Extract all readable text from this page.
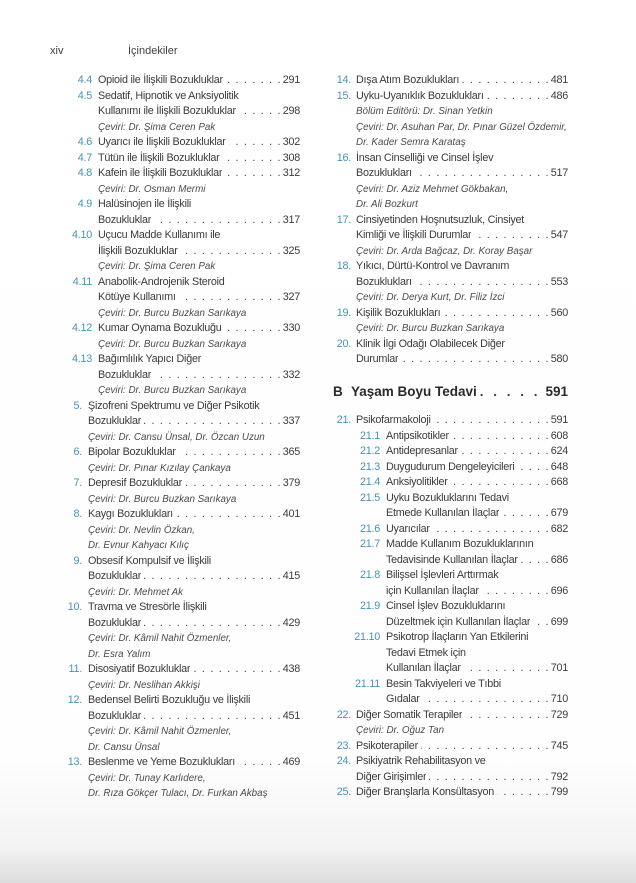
xiv	İçindekiler
4.4 Opioid ile İlişkili Bozukluklar . . .	291
4.5 Sedatif, Hipnotik ve Anksiyolitik
Kullanımı ile İlişkili Bozukluklar . . .	298
Çeviri: Dr. Şima Ceren Pak
4.6 Uyarıcı ile İlişkili Bozukluklar . . .	302
4.7 Tütün ile İlişkili Bozukluklar . . .	308
4.8 Kafein ile İlişkili Bozukluklar . . .	312
Çeviri: Dr. Osman Mermi
4.9 Halüsinojen ile İlişkili
Bozukluklar . . .	317
4.10 Uçucu Madde Kullanımı ile
İlişkili Bozukluklar . . .	325
Çeviri: Dr. Şima Ceren Pak
4.11 Anabolik-Androjenik Steroid
Kötüye Kullanımı . . .	327
Çeviri: Dr. Burcu Buzkan Sarıkaya
4.12 Kumar Oynama Bozukluğu . . .	330
Çeviri: Dr. Burcu Buzkan Sarıkaya
4.13 Bağımlılık Yapıcı Diğer
Bozukluklar . . .	332
Çeviri: Dr. Burcu Buzkan Sarıkaya
5. Şizofreni Spektrumu ve Diğer Psikotik
Bozukluklar . . .	337
Çeviri: Dr. Cansu Ünsal, Dr. Özcan Uzun
6. Bipolar Bozukluklar . . .	365
Çeviri: Dr. Pınar Kızılay Çankaya
7. Depresif Bozukluklar . . .	379
Çeviri: Dr. Burcu Buzkan Sarıkaya
8. Kaygı Bozuklukları . . .	401
Çeviri: Dr. Nevlin Özkan,
Dr. Evnur Kahyacı Kılıç
9. Obsesif Kompulsif ve İlişkili
Bozukluklar . . .	415
Çeviri: Dr. Mehmet Ak
10. Travma ve Stresörle İlişkili
Bozukluklar . . .	429
Çeviri: Dr. Kâmil Nahit Özmenler,
Dr. Esra Yalım
11. Disosiyatif Bozukluklar . . .	438
Çeviri: Dr. Neslihan Akkişi
12. Bedensel Belirti Bozukluğu ve İlişkili
Bozukluklar . . .	451
Çeviri: Dr. Kâmil Nahit Özmenler,
Dr. Cansu Ünsal
13. Beslenme ve Yeme Bozuklukları . . .	469
Çeviri: Dr. Tunay Karlıdere,
Dr. Rıza Gökçer Tulacı, Dr. Furkan Akbaş
14. Dışa Atım Bozuklukları . . .	481
15. Uyku-Uyanıklık Bozuklukları . . .	486
Bölüm Editörü: Dr. Sinan Yetkin
Çeviri: Dr. Asuhan Par, Dr. Pınar Güzel Özdemir,
Dr. Kader Semra Karataş
16. İnsan Cinselliği ve Cinsel İşlev
Bozuklukları . . .	517
Çeviri: Dr. Aziz Mehmet Gökbakan,
Dr. Ali Bozkurt
17. Cinsiyetinden Hoşnutsuzluk, Cinsiyet
Kimliği ve İlişkili Durumlar . . .	547
Çeviri: Dr. Arda Bağcaz, Dr. Koray Başar
18. Yıkıcı, Dürtü-Kontrol ve Davranım
Bozuklukları . . .	553
Çeviri: Dr. Derya Kurt, Dr. Filiz İzci
19. Kişilik Bozuklukları . . .	560
Çeviri: Dr. Burcu Buzkan Sarıkaya
20. Klinik İlgi Odağı Olabilecek Diğer
Durumlar . . .	580
B Yaşam Boyu Tedavi . . .	591
21. Psikofarmakoloji . . .	591
21.1 Antipsikotikler . . .	608
21.2 Antidepresanlar . . .	624
21.3 Duygudurum Dengeleyicileri . . .	648
21.4 Anksiyolitikler . . .	668
21.5 Uyku Bozukluklarını Tedavi
Etmede Kullanılan İlaçlar . . .	679
21.6 Uyarıcılar . . .	682
21.7 Madde Kullanım Bozukluklarının
Tedavisinde Kullanılan İlaçlar . . .	686
21.8 Bilişsel İşlevleri Arttırmak
için Kullanılan İlaçlar . . .	696
21.9 Cinsel İşlev Bozukluklarını
Düzeltmek için Kullanılan İlaçlar . . . 699
21.10 Psikotrop İlaçların Yan Etkilerini
Tedavi Etmek için
Kullanılan İlaçlar . . .	701
21.11 Besin Takviyeleri ve Tıbbi
Gıdalar . . .	710
22. Diğer Somatik Terapiler . . .	729
Çeviri: Dr. Oğuz Tan
23. Psikoterapiler . . .	745
24. Psikiyatrik Rehabilitasyon ve
Diğer Girişimler . . .	792
25. Diğer Branşlarla Konsültasyon . . .	799
